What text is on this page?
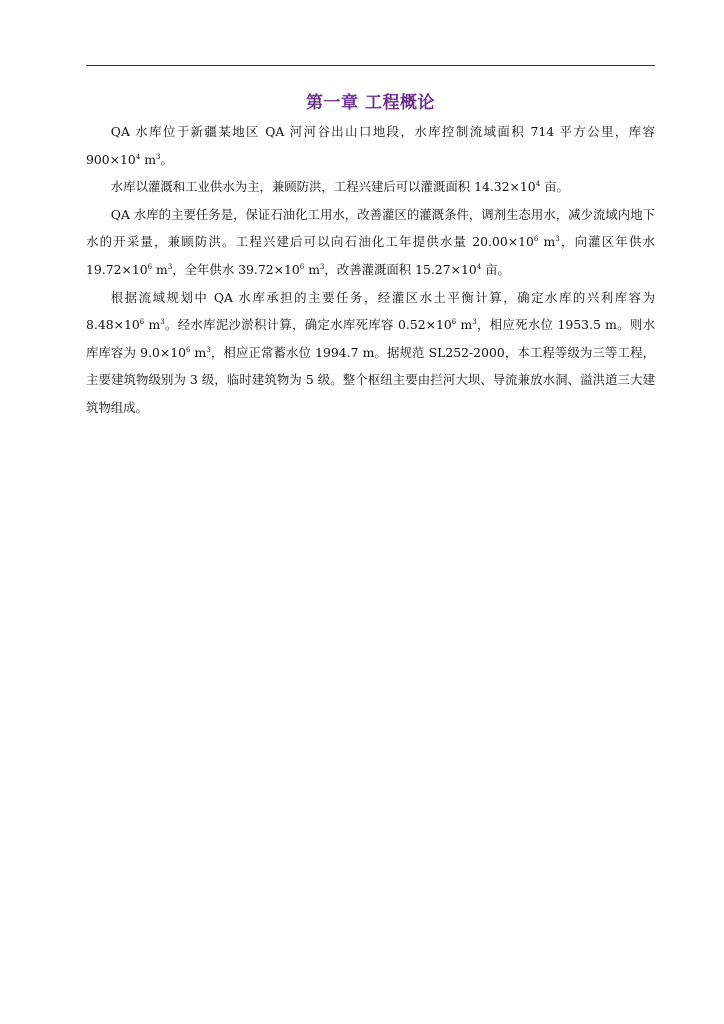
第一章 工程概论

QA 水库位于新疆某地区 QA 河河谷出山口地段，水库控制流域面积 714 平方公里，库容 $900\times 10^4$ $m^3$。

水库以灌溉和工业供水为主，兼顾防洪，工程兴建后可以灌溉面积 $14.32\times 10^4$ 亩。

QA 水库的主要任务是，保证石油化工用水，改善灌区的灌溉条件，调剂生态用水，减少流域内地下水的开采量，兼顾防洪。工程兴建后可以向石油化工年提供水量 $20.00\times 10^6$ $m^3$，向灌区年供水 $19.72\times 10^6$ $m^3$，全年供水 $39.72\times 10^6$ $m^3$，改善灌溉面积 $15.27\times 10^4$ 亩。

根据流域规划中 QA 水库承担的主要任务，经灌区水土平衡计算，确定水库的兴利库容为 $8.48\times 10^6$ $m^3$。经水库泥沙淤积计算，确定水库死库容 $0.52\times 10^6$ $m^3$，相应死水位 1953.5 m。则水库库容为 $9.0\times 10^6$ $m^3$，相应正常蓄水位 1994.7 m。据规范 SL252-2000，本工程等级为三等工程，主要建筑物级别为 3 级，临时建筑物为 5 级。整个枢纽主要由拦河大坝、导流兼放水洞、溢洪道三大建筑物组成。
